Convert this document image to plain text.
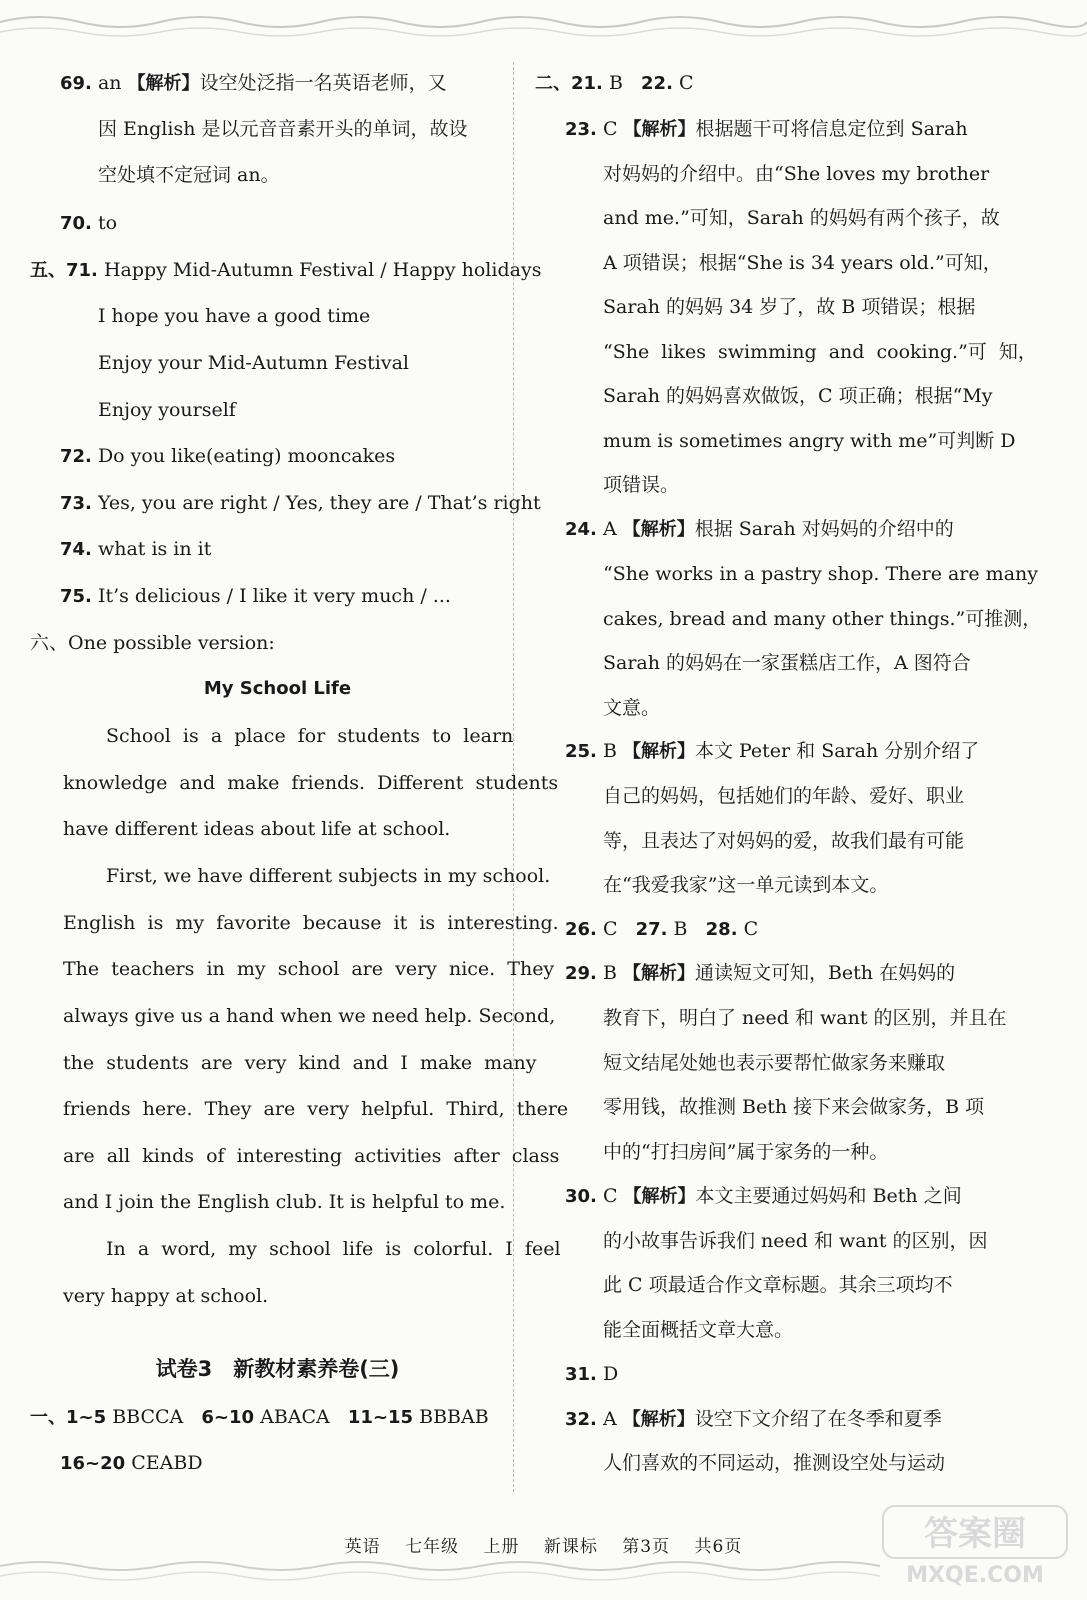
69. an 【解析】设空处泛指一名英语老师，又
因 English 是以元音音素开头的单词，故设
空处填不定冠词 an。
70. to
五、71. Happy Mid-Autumn Festival / Happy holidays
I hope you have a good time
Enjoy your Mid-Autumn Festival
Enjoy yourself
72. Do you like(eating) mooncakes
73. Yes, you are right / Yes, they are / That’s right
74. what is in it
75. It’s delicious / I like it very much / ...
六、One possible version:
My School Life
School  is  a  place  for  students  to  learn
knowledge  and  make  friends.  Different  students
have different ideas about life at school.
First, we have different subjects in my school.
English  is  my  favorite  because  it  is  interesting.
The  teachers  in  my  school  are  very  nice.  They
always give us a hand when we need help. Second,
the  students  are  very  kind  and  I  make  many
friends  here.  They  are  very  helpful.  Third,  there
are  all  kinds  of  interesting  activities  after  class
and I join the English club. It is helpful to me.
In  a  word,  my  school  life  is  colorful.  I  feel
very happy at school.
试卷3　新教材素养卷(三)
一、1~5 BBCCA 6~10 ABACA 11~15 BBBAB
16~20 CEABD
二、21. B 22. C
23. C 【解析】根据题干可将信息定位到 Sarah
对妈妈的介绍中。由“She loves my brother
and me.”可知，Sarah 的妈妈有两个孩子，故
A 项错误；根据“She is 34 years old.”可知，
Sarah 的妈妈 34 岁了，故 B 项错误；根据
“She  likes  swimming  and  cooking.”可  知，
Sarah 的妈妈喜欢做饭，C 项正确；根据“My
mum is sometimes angry with me”可判断 D
项错误。
24. A 【解析】根据 Sarah 对妈妈的介绍中的
“She works in a pastry shop. There are many
cakes, bread and many other things.”可推测，
Sarah 的妈妈在一家蛋糕店工作，A 图符合
文意。
25. B 【解析】本文 Peter 和 Sarah 分别介绍了
自己的妈妈，包括她们的年龄、爱好、职业
等，且表达了对妈妈的爱，故我们最有可能
在“我爱我家”这一单元读到本文。
26. C 27. B 28. C
29. B 【解析】通读短文可知，Beth 在妈妈的
教育下，明白了 need 和 want 的区别，并且在
短文结尾处她也表示要帮忙做家务来赚取
零用钱，故推测 Beth 接下来会做家务，B 项
中的“打扫房间”属于家务的一种。
30. C 【解析】本文主要通过妈妈和 Beth 之间
的小故事告诉我们 need 和 want 的区别，因
此 C 项最适合作文章标题。其余三项均不
能全面概括文章大意。
31. D
32. A 【解析】设空下文介绍了在冬季和夏季
人们喜欢的不同运动，推测设空处与运动
英语 七年级 上册 新课标 第3页 共6页	答案圈
MXQE.COM
